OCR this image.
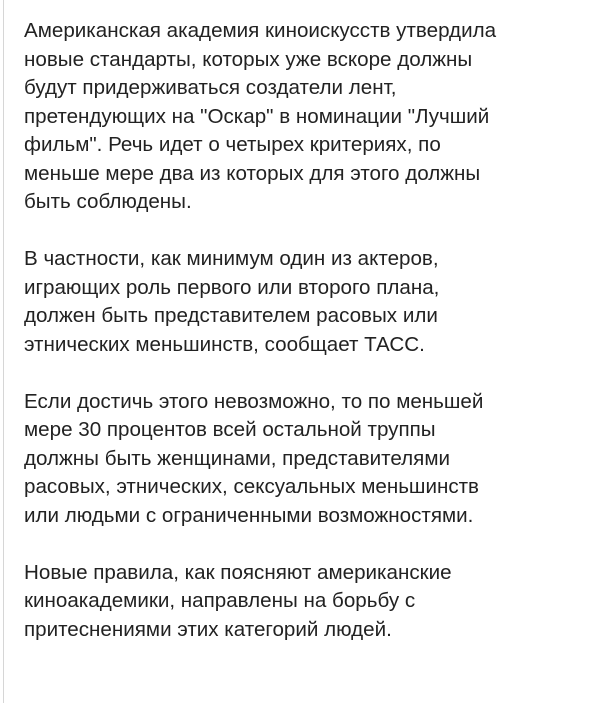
Американская академия киноискусств утвердила
новые стандарты, которых уже вскоре должны
будут придерживаться создатели лент,
претендующих на "Оскар" в номинации "Лучший
фильм". Речь идет о четырех критериях, по
меньше мере два из которых для этого должны
быть соблюдены.

В частности, как минимум один из актеров,
играющих роль первого или второго плана,
должен быть представителем расовых или
этнических меньшинств, сообщает ТАСС.

Если достичь этого невозможно, то по меньшей
мере 30 процентов всей остальной труппы
должны быть женщинами, представителями
расовых, этнических, сексуальных меньшинств
или людьми с ограниченными возможностями.

Новые правила, как поясняют американские
киноакадемики, направлены на борьбу с
притеснениями этих категорий людей.
